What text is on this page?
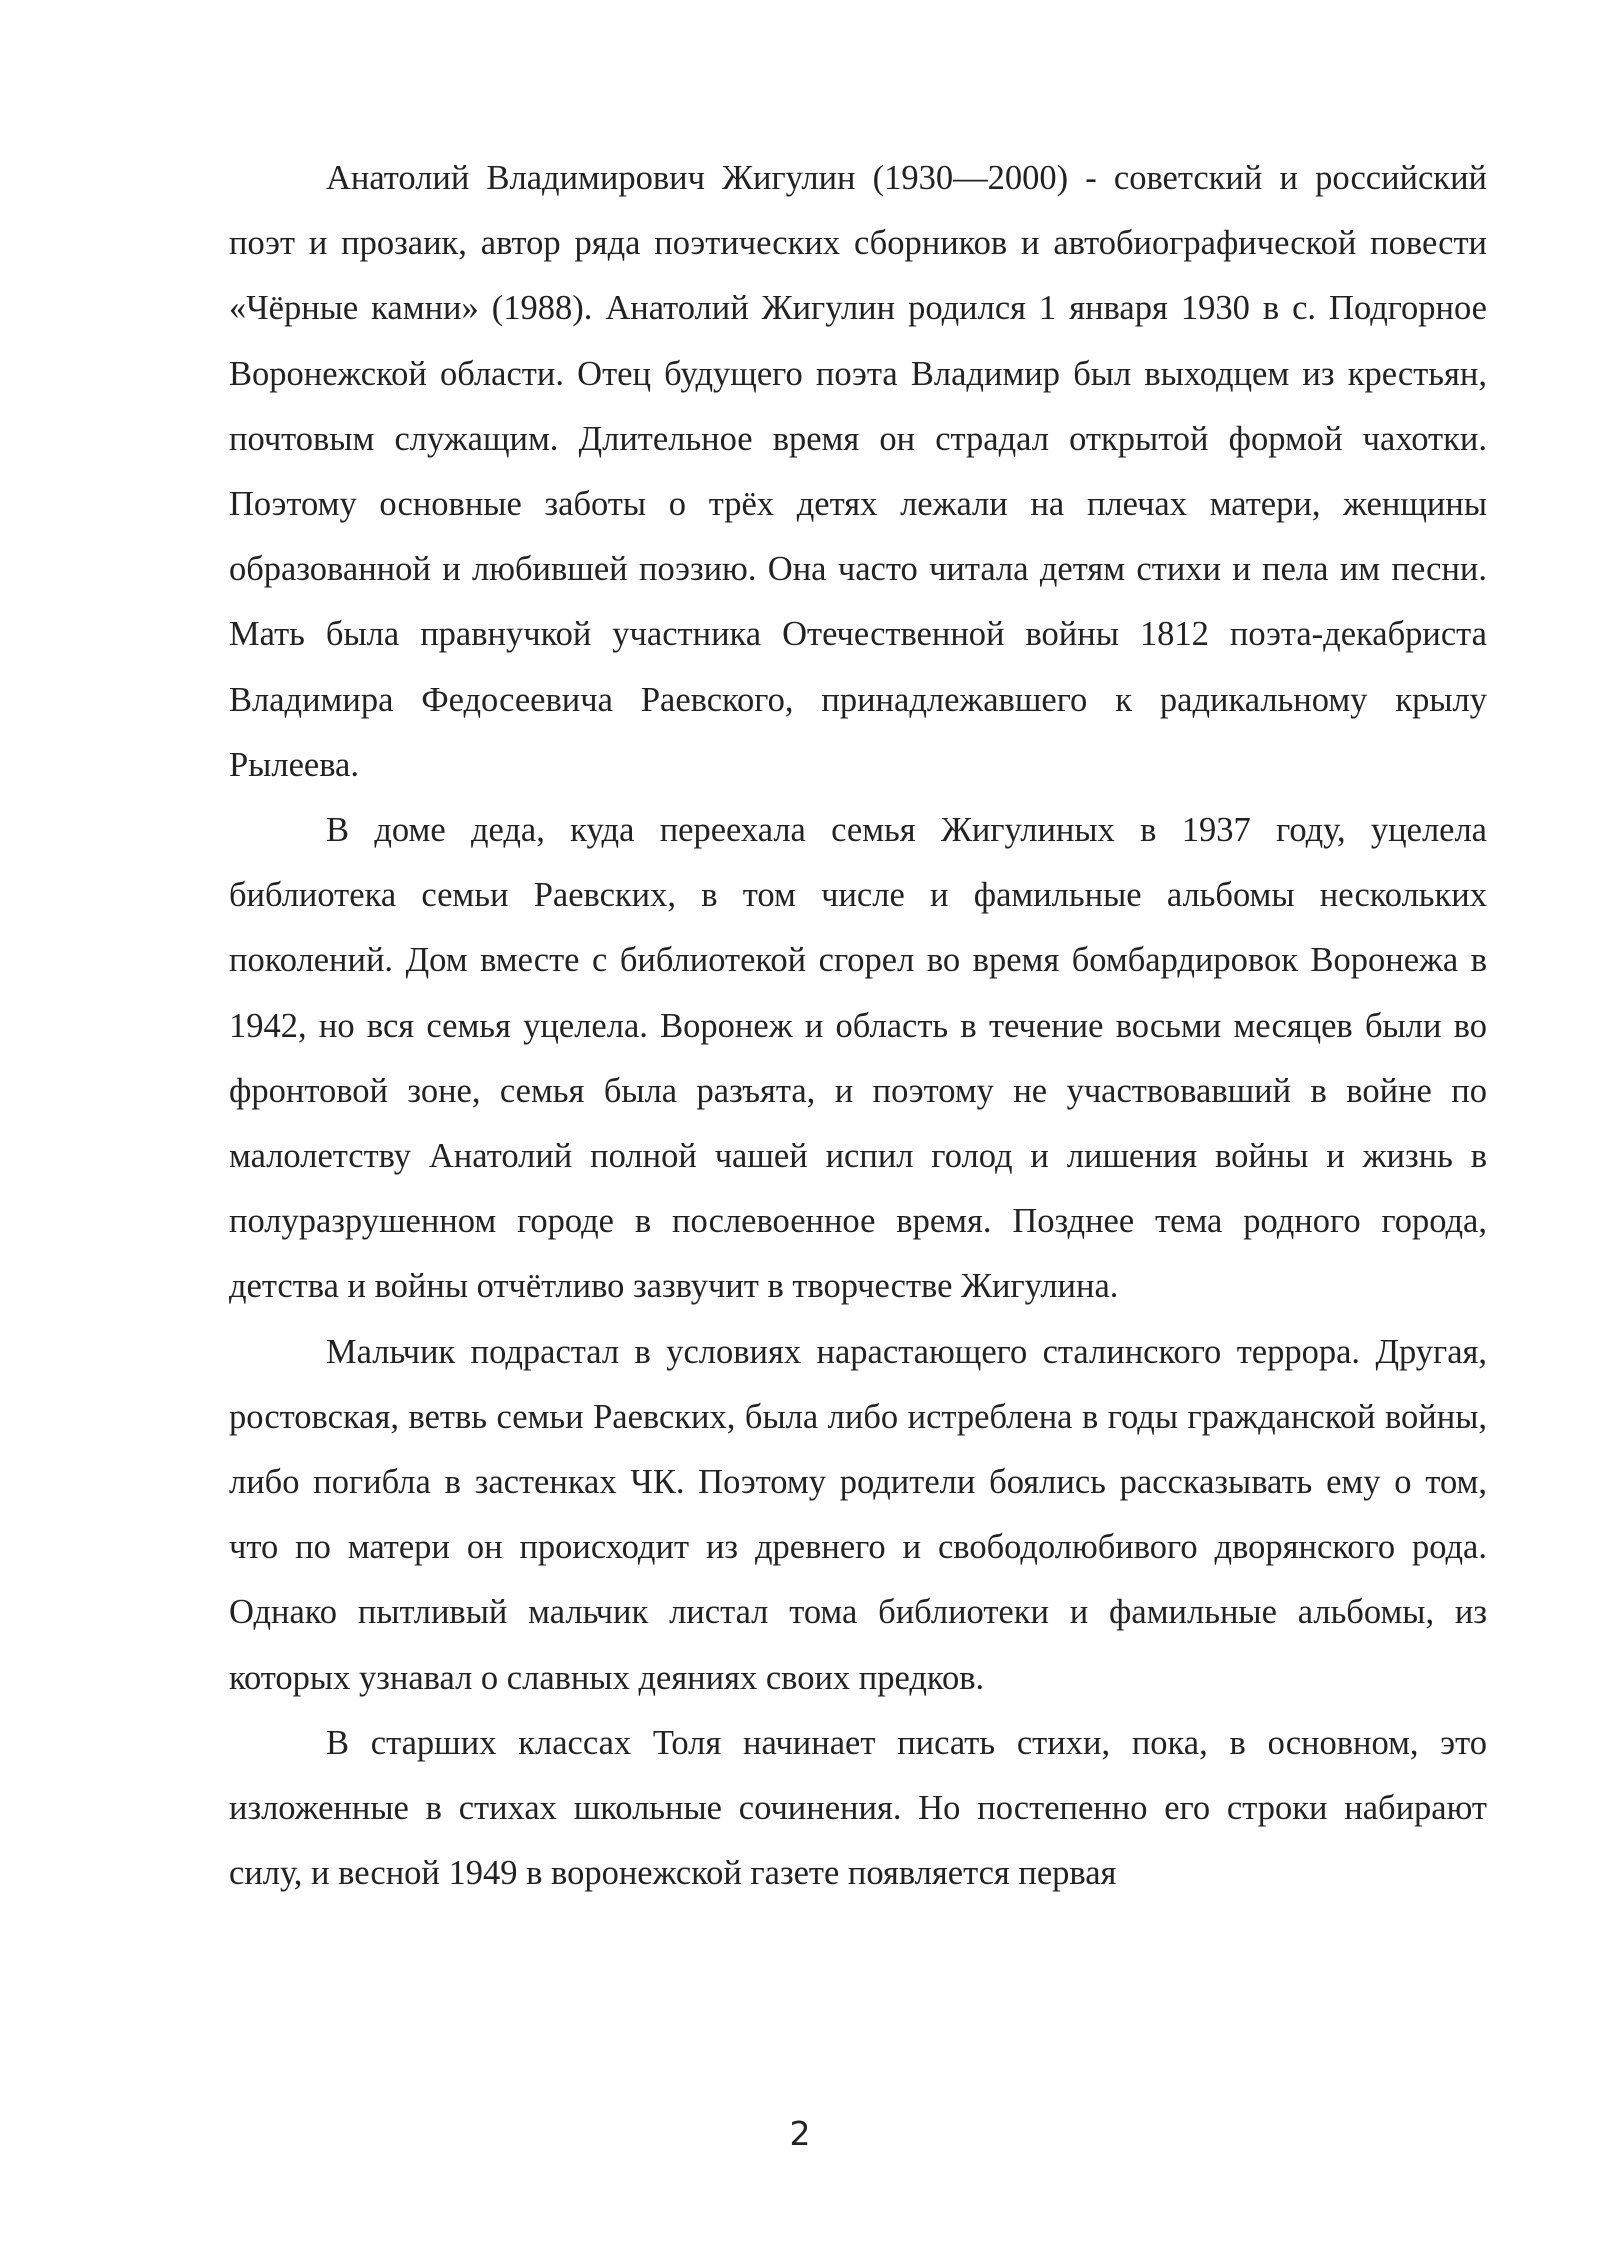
Анатолий Владимирович Жигулин (1930—2000) - советский и российский поэт и прозаик, автор ряда поэтических сборников и автобиографической повести «Чёрные камни» (1988). Анатолий Жигулин родился 1 января 1930 в с. Подгорное Воронежской области. Отец будущего поэта Владимир был выходцем из крестьян, почтовым служащим. Длительное время он страдал открытой формой чахотки. Поэтому основные заботы о трёх детях лежали на плечах матери, женщины образованной и любившей поэзию. Она часто читала детям стихи и пела им песни. Мать была правнучкой участника Отечественной войны 1812 поэта-декабриста Владимира Федосеевича Раевского, принадлежавшего к радикальному крылу Рылеева.

В доме деда, куда переехала семья Жигулиных в 1937 году, уцелела библиотека семьи Раевских, в том числе и фамильные альбомы нескольких поколений. Дом вместе с библиотекой сгорел во время бомбардировок Воронежа в 1942, но вся семья уцелела. Воронеж и область в течение восьми месяцев были во фронтовой зоне, семья была разъята, и поэтому не участвовавший в войне по малолетству Анатолий полной чашей испил голод и лишения войны и жизнь в полуразрушенном городе в послевоенное время. Позднее тема родного города, детства и войны отчётливо зазвучит в творчестве Жигулина.

Мальчик подрастал в условиях нарастающего сталинского террора. Другая, ростовская, ветвь семьи Раевских, была либо истреблена в годы гражданской войны, либо погибла в застенках ЧК. Поэтому родители боялись рассказывать ему о том, что по матери он происходит из древнего и свободолюбивого дворянского рода. Однако пытливый мальчик листал тома библиотеки и фамильные альбомы, из которых узнавал о славных деяниях своих предков.

В старших классах Толя начинает писать стихи, пока, в основном, это изложенные в стихах школьные сочинения. Но постепенно его строки набирают силу, и весной 1949 в воронежской газете появляется первая

2
